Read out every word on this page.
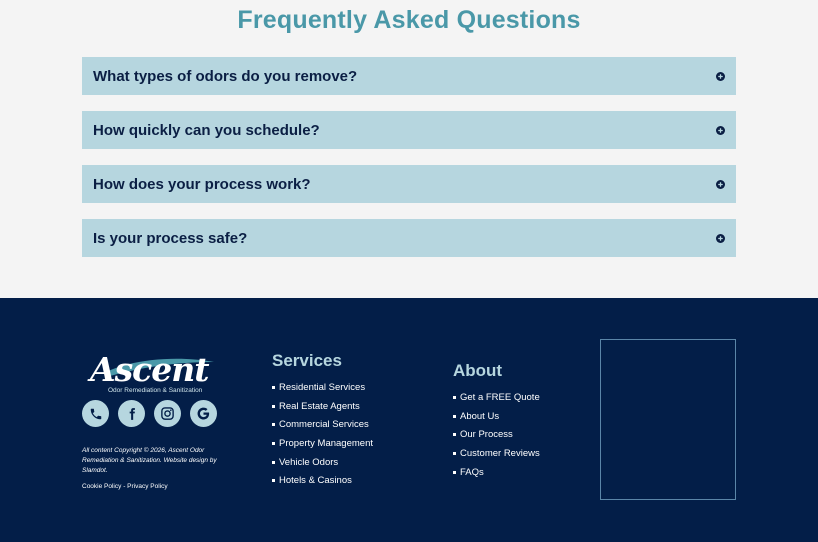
Frequently Asked Questions
What types of odors do you remove?
How quickly can you schedule?
How does your process work?
Is your process safe?
Ascent
Odor Remediation & Sanitization

All content Copyright © 2026, Ascent Odor Remediation & Sanitization. Website design by Slamdot.

Cookie Policy - Privacy Policy
Services
Residential Services
Real Estate Agents
Commercial Services
Property Management
Vehicle Odors
Hotels & Casinos
About
Get a FREE Quote
About Us
Our Process
Customer Reviews
FAQs
